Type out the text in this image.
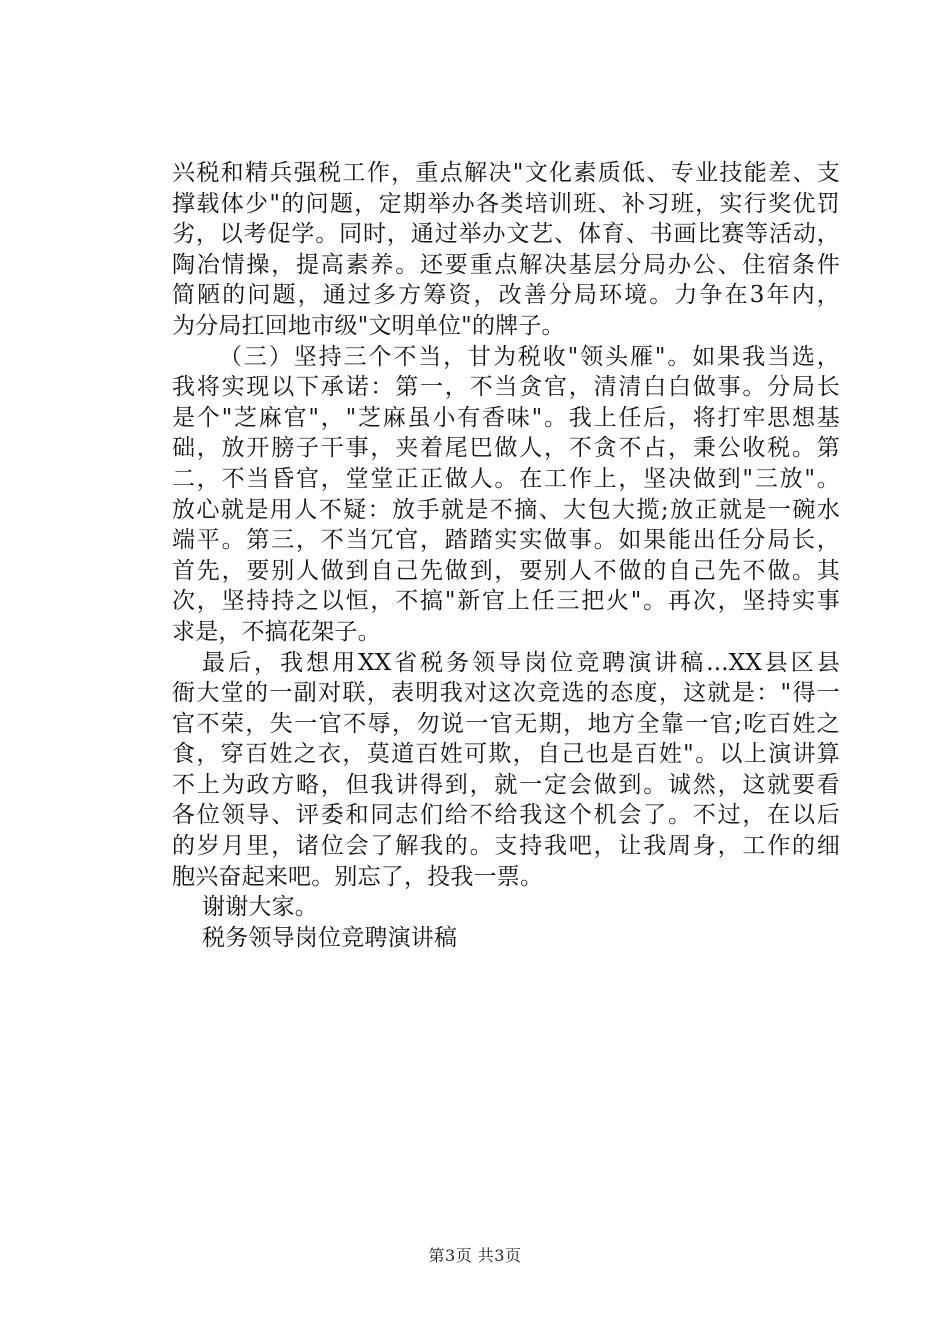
兴税和精兵强税工作，重点解决"文化素质低、专业技能差、支
撑载体少"的问题，定期举办各类培训班、补习班，实行奖优罚
劣，以考促学。同时，通过举办文艺、体育、书画比赛等活动，
陶冶情操，提高素养。还要重点解决基层分局办公、住宿条件
简陋的问题，通过多方筹资，改善分局环境。力争在3年内，
为分局扛回地市级"文明单位"的牌子。
（三）坚持三个不当，甘为税收"领头雁"。如果我当选，
我将实现以下承诺：第一，不当贪官，清清白白做事。分局长
是个"芝麻官"，"芝麻虽小有香味"。我上任后，将打牢思想基
础，放开膀子干事，夹着尾巴做人，不贪不占，秉公收税。第
二，不当昏官，堂堂正正做人。在工作上，坚决做到"三放"。
放心就是用人不疑：放手就是不摘、大包大揽;放正就是一碗水
端平。第三，不当冗官，踏踏实实做事。如果能出任分局长，
首先，要别人做到自己先做到，要别人不做的自己先不做。其
次，坚持持之以恒，不搞"新官上任三把火"。再次，坚持实事
求是，不搞花架子。
最后，我想用XX省税务领导岗位竞聘演讲稿...XX县区县
衙大堂的一副对联，表明我对这次竞选的态度，这就是："得一
官不荣，失一官不辱，勿说一官无期，地方全靠一官;吃百姓之
食，穿百姓之衣，莫道百姓可欺，自己也是百姓"。以上演讲算
不上为政方略，但我讲得到，就一定会做到。诚然，这就要看
各位领导、评委和同志们给不给我这个机会了。不过，在以后
的岁月里，诸位会了解我的。支持我吧，让我周身，工作的细
胞兴奋起来吧。别忘了，投我一票。
谢谢大家。
税务领导岗位竞聘演讲稿
第3页 共3页
